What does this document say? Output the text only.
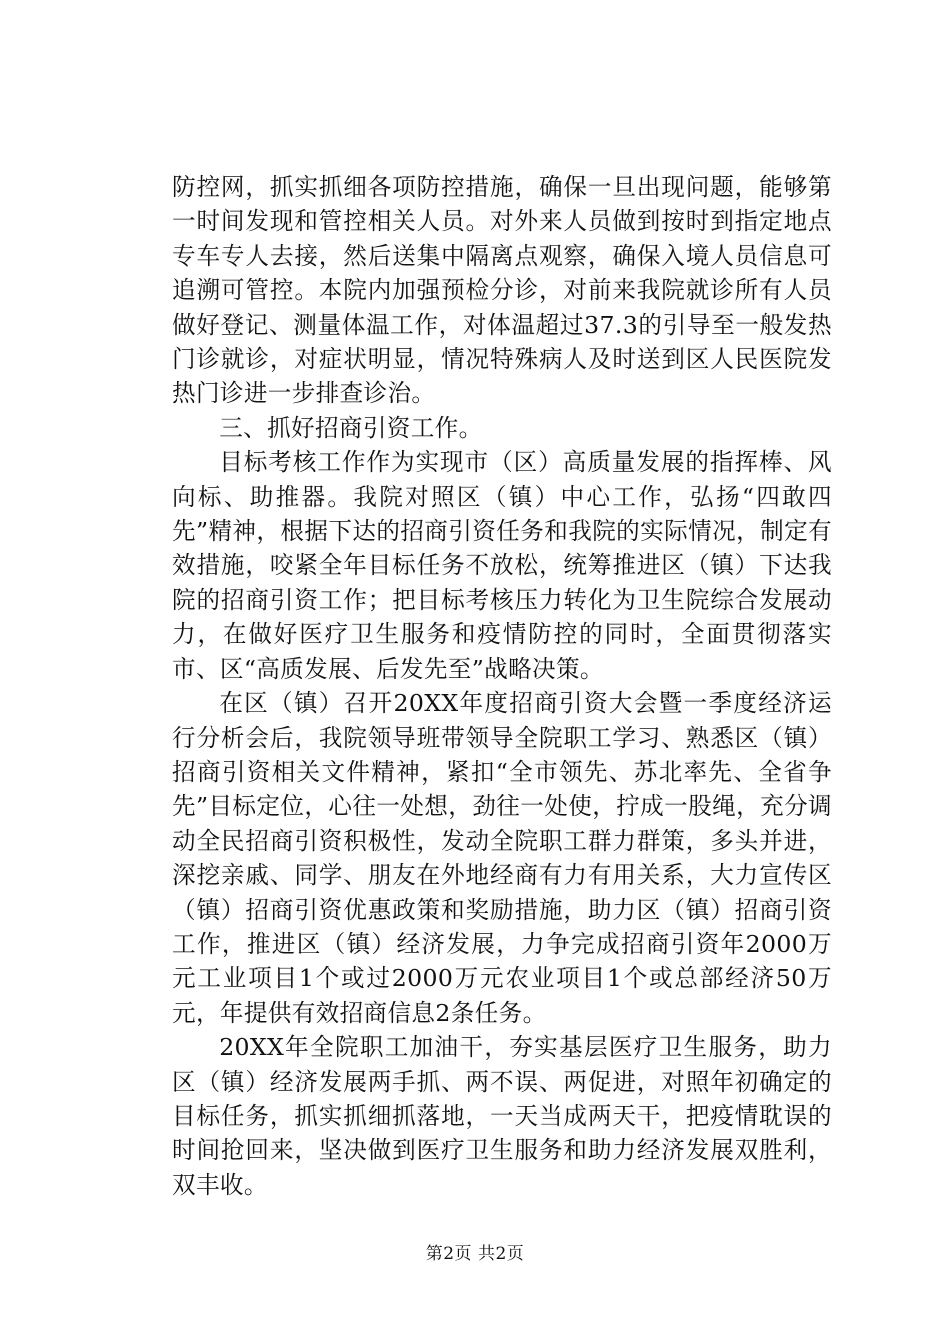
防控网，抓实抓细各项防控措施，确保一旦出现问题，能够第一时间发现和管控相关人员。对外来人员做到按时到指定地点专车专人去接，然后送集中隔离点观察，确保入境人员信息可追溯可管控。本院内加强预检分诊，对前来我院就诊所有人员做好登记、测量体温工作，对体温超过37.3的引导至一般发热门诊就诊，对症状明显，情况特殊病人及时送到区人民医院发热门诊进一步排查诊治。

三、抓好招商引资工作。

目标考核工作作为实现市（区）高质量发展的指挥棒、风向标、助推器。我院对照区（镇）中心工作，弘扬“四敢四先”精神，根据下达的招商引资任务和我院的实际情况，制定有效措施，咬紧全年目标任务不放松，统筹推进区（镇）下达我院的招商引资工作；把目标考核压力转化为卫生院综合发展动力，在做好医疗卫生服务和疫情防控的同时，全面贯彻落实市、区“高质发展、后发先至”战略决策。

在区（镇）召开20XX年度招商引资大会暨一季度经济运行分析会后，我院领导班带领导全院职工学习、熟悉区（镇）招商引资相关文件精神，紧扣“全市领先、苏北率先、全省争先”目标定位，心往一处想，劲往一处使，拧成一股绳，充分调动全民招商引资积极性，发动全院职工群力群策，多头并进，深挖亲戚、同学、朋友在外地经商有力有用关系，大力宣传区（镇）招商引资优惠政策和奖励措施，助力区（镇）招商引资工作，推进区（镇）经济发展，力争完成招商引资年2000万元工业项目1个或过2000万元农业项目1个或总部经济50万元，年提供有效招商信息2条任务。

20XX年全院职工加油干，夯实基层医疗卫生服务，助力区（镇）经济发展两手抓、两不误、两促进，对照年初确定的目标任务，抓实抓细抓落地，一天当成两天干，把疫情耽误的时间抢回来，坚决做到医疗卫生服务和助力经济发展双胜利，双丰收。

第2页 共2页
